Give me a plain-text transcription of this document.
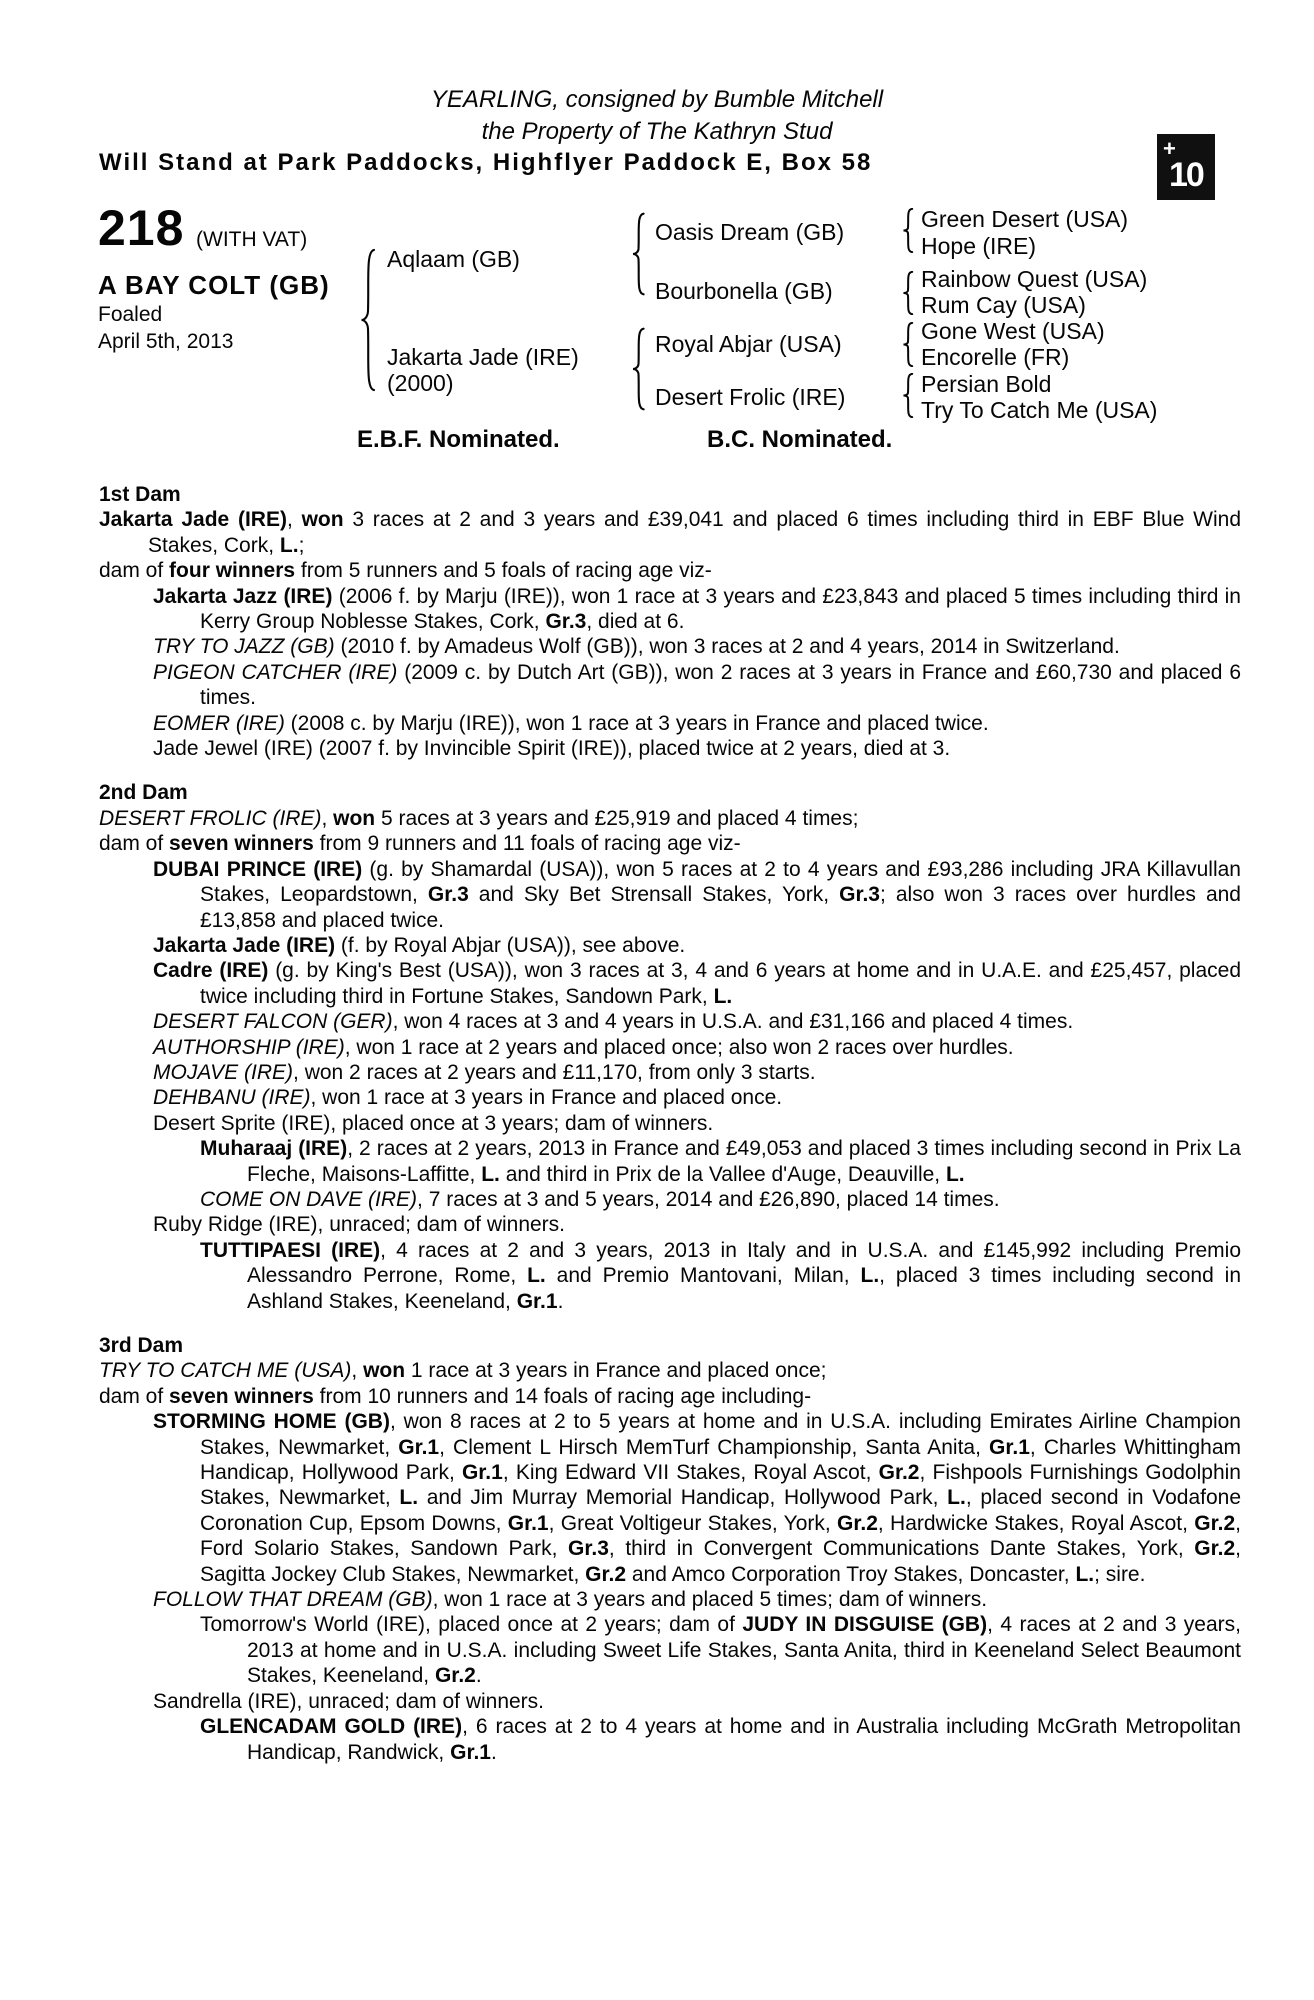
YEARLING, consigned by Bumble Mitchell
the Property of The Kathryn Stud
Will Stand at Park Paddocks, Highflyer Paddock E, Box 58
+
10
218 (WITH VAT)
A BAY COLT (GB)
Foaled
April 5th, 2013
Aqlaam (GB)
Jakarta Jade (IRE)
(2000)
Oasis Dream (GB)
Bourbonella (GB)
Royal Abjar (USA)
Desert Frolic (IRE)
Green Desert (USA)
Hope (IRE)
Rainbow Quest (USA)
Rum Cay (USA)
Gone West (USA)
Encorelle (FR)
Persian Bold
Try To Catch Me (USA)
E.B.F. Nominated.	B.C. Nominated.
1st Dam

Jakarta Jade (IRE), won 3 races at 2 and 3 years and £39,041 and placed 6 times including third in EBF Blue Wind Stakes, Cork, L.;

dam of four winners from 5 runners and 5 foals of racing age viz-

Jakarta Jazz (IRE) (2006 f. by Marju (IRE)), won 1 race at 3 years and £23,843 and placed 5 times including third in Kerry Group Noblesse Stakes, Cork, Gr.3, died at 6.

TRY TO JAZZ (GB) (2010 f. by Amadeus Wolf (GB)), won 3 races at 2 and 4 years, 2014 in Switzerland.

PIGEON CATCHER (IRE) (2009 c. by Dutch Art (GB)), won 2 races at 3 years in France and £60,730 and placed 6 times.

EOMER (IRE) (2008 c. by Marju (IRE)), won 1 race at 3 years in France and placed twice.

Jade Jewel (IRE) (2007 f. by Invincible Spirit (IRE)), placed twice at 2 years, died at 3.

2nd Dam

DESERT FROLIC (IRE), won 5 races at 3 years and £25,919 and placed 4 times;

dam of seven winners from 9 runners and 11 foals of racing age viz-

DUBAI PRINCE (IRE) (g. by Shamardal (USA)), won 5 races at 2 to 4 years and £93,286 including JRA Killavullan Stakes, Leopardstown, Gr.3 and Sky Bet Strensall Stakes, York, Gr.3; also won 3 races over hurdles and £13,858 and placed twice.

Jakarta Jade (IRE) (f. by Royal Abjar (USA)), see above.

Cadre (IRE) (g. by King's Best (USA)), won 3 races at 3, 4 and 6 years at home and in U.A.E. and £25,457, placed twice including third in Fortune Stakes, Sandown Park, L.

DESERT FALCON (GER), won 4 races at 3 and 4 years in U.S.A. and £31,166 and placed 4 times.

AUTHORSHIP (IRE), won 1 race at 2 years and placed once; also won 2 races over hurdles.

MOJAVE (IRE), won 2 races at 2 years and £11,170, from only 3 starts.

DEHBANU (IRE), won 1 race at 3 years in France and placed once.

Desert Sprite (IRE), placed once at 3 years; dam of winners.

Muharaaj (IRE), 2 races at 2 years, 2013 in France and £49,053 and placed 3 times including second in Prix La Fleche, Maisons-Laffitte, L. and third in Prix de la Vallee d'Auge, Deauville, L.

COME ON DAVE (IRE), 7 races at 3 and 5 years, 2014 and £26,890, placed 14 times.

Ruby Ridge (IRE), unraced; dam of winners.

TUTTIPAESI (IRE), 4 races at 2 and 3 years, 2013 in Italy and in U.S.A. and £145,992 including Premio Alessandro Perrone, Rome, L. and Premio Mantovani, Milan, L., placed 3 times including second in Ashland Stakes, Keeneland, Gr.1.

3rd Dam

TRY TO CATCH ME (USA), won 1 race at 3 years in France and placed once;

dam of seven winners from 10 runners and 14 foals of racing age including-

STORMING HOME (GB), won 8 races at 2 to 5 years at home and in U.S.A. including Emirates Airline Champion Stakes, Newmarket, Gr.1, Clement L Hirsch MemTurf Championship, Santa Anita, Gr.1, Charles Whittingham Handicap, Hollywood Park, Gr.1, King Edward VII Stakes, Royal Ascot, Gr.2, Fishpools Furnishings Godolphin Stakes, Newmarket, L. and Jim Murray Memorial Handicap, Hollywood Park, L., placed second in Vodafone Coronation Cup, Epsom Downs, Gr.1, Great Voltigeur Stakes, York, Gr.2, Hardwicke Stakes, Royal Ascot, Gr.2, Ford Solario Stakes, Sandown Park, Gr.3, third in Convergent Communications Dante Stakes, York, Gr.2, Sagitta Jockey Club Stakes, Newmarket, Gr.2 and Amco Corporation Troy Stakes, Doncaster, L.; sire.

FOLLOW THAT DREAM (GB), won 1 race at 3 years and placed 5 times; dam of winners.

Tomorrow's World (IRE), placed once at 2 years; dam of JUDY IN DISGUISE (GB), 4 races at 2 and 3 years, 2013 at home and in U.S.A. including Sweet Life Stakes, Santa Anita, third in Keeneland Select Beaumont Stakes, Keeneland, Gr.2.

Sandrella (IRE), unraced; dam of winners.

GLENCADAM GOLD (IRE), 6 races at 2 to 4 years at home and in Australia including McGrath Metropolitan Handicap, Randwick, Gr.1.
